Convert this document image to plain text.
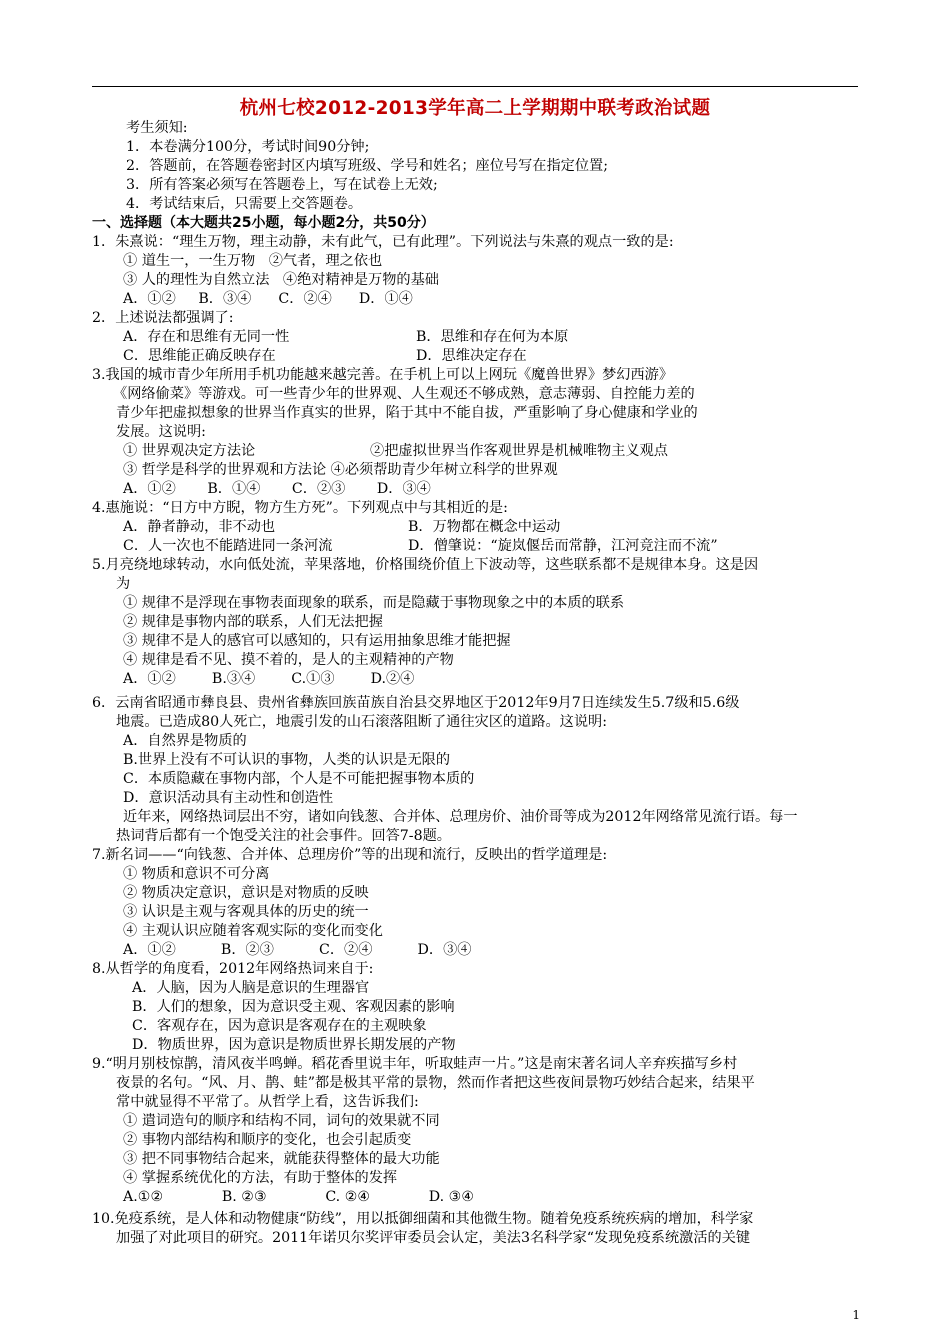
杭州七校2012-2013学年高二上学期期中联考政治试题
考生须知:
1．本卷满分100分，考试时间90分钟;
2．答题前，在答题卷密封区内填写班级、学号和姓名；座位号写在指定位置;
3．所有答案必须写在答题卷上，写在试卷上无效;
4．考试结束后，只需要上交答题卷。
一、选择题（本大题共25小题，每小题2分，共50分）
1．朱熹说：“理生万物，理主动静，未有此气，已有此理”。下列说法与朱熹的观点一致的是:
① 道生一，一生万物   ②气者，理之依也
③ 人的理性为自然立法   ④绝对精神是万物的基础
A．①②     B．③④      C．②④      D．①④
2．上述说法都强调了:
A．存在和思维有无同一性	B．思维和存在何为本原
C．思维能正确反映存在	D．思维决定存在
3.我国的城市青少年所用手机功能越来越完善。在手机上可以上网玩《魔兽世界》梦幻西游》
《网络偷菜》等游戏。可一些青少年的世界观、人生观还不够成熟，意志薄弱、自控能力差的
青少年把虚拟想象的世界当作真实的世界，陷于其中不能自拔，严重影响了身心健康和学业的
发展。这说明:
① 世界观决定方法论	②把虚拟世界当作客观世界是机械唯物主义观点
③ 哲学是科学的世界观和方法论 ④必须帮助青少年树立科学的世界观
A．①②       B．①④       C．②③       D．③④
4.惠施说：“日方中方睨，物方生方死”。下列观点中与其相近的是:
A．静者静动，非不动也	B．万物都在概念中运动
C．人一次也不能踏进同一条河流	D．僧肇说：“旋岚偃岳而常静，江河竞注而不流”
5.月亮绕地球转动，水向低处流，苹果落地，价格围绕价值上下波动等，这些联系都不是规律本身。这是因
为
① 规律不是浮现在事物表面现象的联系，而是隐藏于事物现象之中的本质的联系
② 规律是事物内部的联系，人们无法把握
③ 规律不是人的感官可以感知的，只有运用抽象思维才能把握
④ 规律是看不见、摸不着的，是人的主观精神的产物
A．①②        B.③④        C.①③        D.②④
6．云南省昭通市彝良县、贵州省彝族回族苗族自治县交界地区于2012年9月7日连续发生5.7级和5.6级
地震。已造成80人死亡，地震引发的山石滚落阻断了通往灾区的道路。这说明:
A．自然界是物质的
B.世界上没有不可认识的事物，人类的认识是无限的
C．本质隐藏在事物内部，个人是不可能把握事物本质的
D．意识活动具有主动性和创造性
近年来，网络热词层出不穷，诸如向钱葱、合并体、总理房价、油价哥等成为2012年网络常见流行语。每一
热词背后都有一个饱受关注的社会事件。回答7-8题。
7.新名词——“向钱葱、合并体、总理房价”等的出现和流行，反映出的哲学道理是:
① 物质和意识不可分离
② 物质决定意识，意识是对物质的反映
③ 认识是主观与客观具体的历史的统一
④ 主观认识应随着客观实际的变化而变化
A．①②          B．②③          C．②④          D．③④
8.从哲学的角度看，2012年网络热词来自于:
A．人脑，因为人脑是意识的生理器官
B．人们的想象，因为意识受主观、客观因素的影响
C．客观存在，因为意识是客观存在的主观映象
D．物质世界，因为意识是物质世界长期发展的产物
9.“明月别枝惊鹊，清风夜半鸣蝉。稻花香里说丰年，听取蛙声一片。”这是南宋著名词人辛弃疾描写乡村
夜景的名句。“风、月、鹊、蛙”都是极其平常的景物，然而作者把这些夜间景物巧妙结合起来，结果平
常中就显得不平常了。从哲学上看，这告诉我们:
① 遣词造句的顺序和结构不同，词句的效果就不同
② 事物内部结构和顺序的变化，也会引起质变
③ 把不同事物结合起来，就能获得整体的最大功能
④ 掌握系统优化的方法，有助于整体的发挥
A.①②             B. ②③             C. ②④             D. ③④
10.免疫系统，是人体和动物健康“防线”，用以抵御细菌和其他微生物。随着免疫系统疾病的增加，科学家
加强了对此项目的研究。2011年诺贝尔奖评审委员会认定，美法3名科学家“发现免疫系统激活的关键
1
